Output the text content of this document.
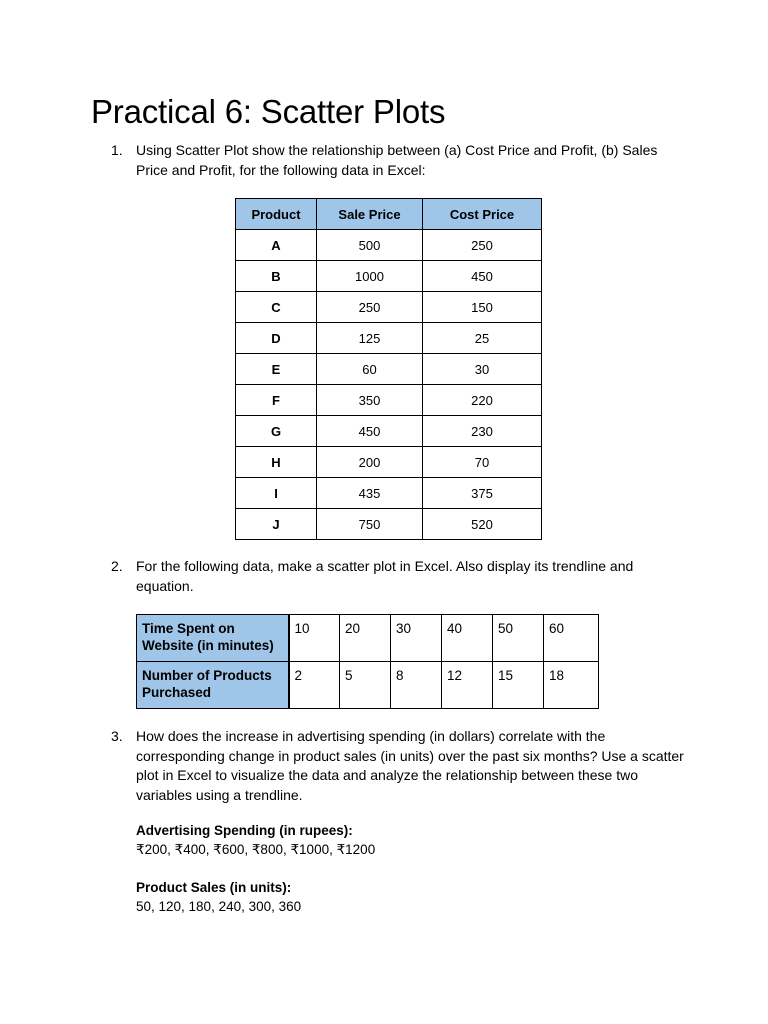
Practical 6: Scatter Plots
1. Using Scatter Plot show the relationship between (a) Cost Price and Profit, (b) Sales Price and Profit, for the following data in Excel:
Product	Sale Price	Cost Price
A	500	250
B	1000	450
C	250	150
D	125	25
E	60	30
F	350	220
G	450	230
H	200	70
I	435	375
J	750	520
2. For the following data, make a scatter plot in Excel. Also display its trendline and equation.
Time Spent on Website (in minutes)	10	20	30	40	50	60
Number of Products Purchased	2	5	8	12	15	18
3. How does the increase in advertising spending (in dollars) correlate with the corresponding change in product sales (in units) over the past six months? Use a scatter plot in Excel to visualize the data and analyze the relationship between these two variables using a trendline.
Advertising Spending (in rupees):
₹200, ₹400, ₹600, ₹800, ₹1000, ₹1200
Product Sales (in units):
50, 120, 180, 240, 300, 360
